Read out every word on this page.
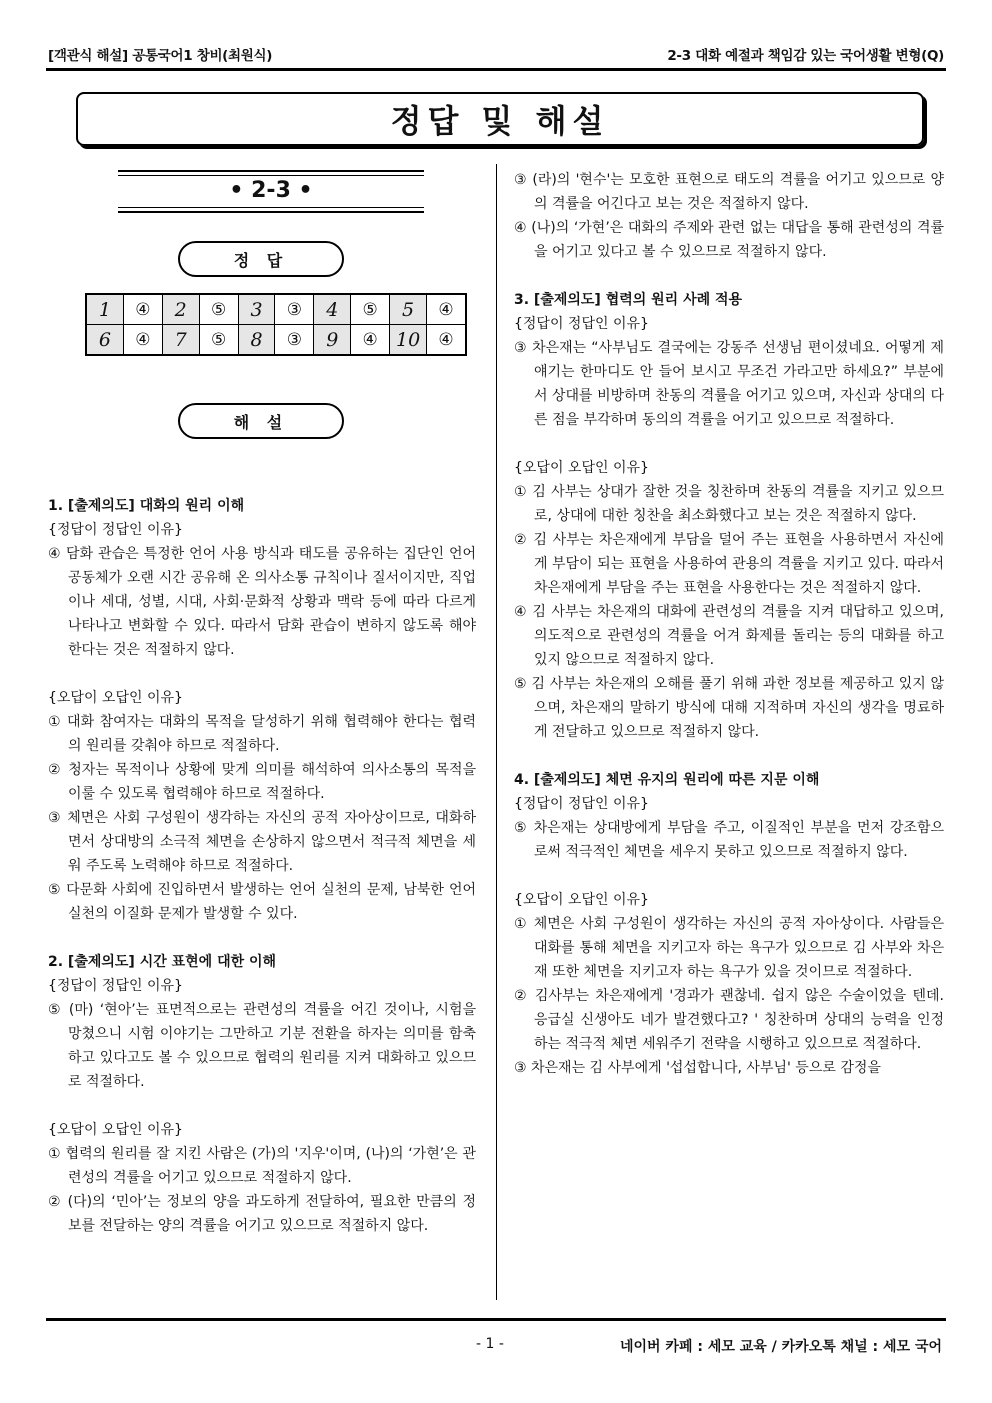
[객관식 해설] 공통국어1 창비(최원식)	2-3 대화 예절과 책임감 있는 국어생활 변형(Q)
정답 및 해설
• 2-3 •
정 답
1	④	2	⑤	3	③	4	⑤	5	④
6	④	7	⑤	8	③	9	④	10	④
해 설
1. [출제의도] 대화의 원리 이해
{정답이 정답인 이유}
④ 담화 관습은 특정한 언어 사용 방식과 태도를 공유하는 집단인 언어 공동체가 오랜 시간 공유해 온 의사소통 규칙이나 질서이지만, 직업이나 세대, 성별, 시대, 사회·문화적 상황과 맥락 등에 따라 다르게 나타나고 변화할 수 있다. 따라서 담화 관습이 변하지 않도록 해야 한다는 것은 적절하지 않다.
{오답이 오답인 이유}
① 대화 참여자는 대화의 목적을 달성하기 위해 협력해야 한다는 협력의 원리를 갖춰야 하므로 적절하다.
② 청자는 목적이나 상황에 맞게 의미를 해석하여 의사소통의 목적을 이룰 수 있도록 협력해야 하므로 적절하다.
③ 체면은 사회 구성원이 생각하는 자신의 공적 자아상이므로, 대화하면서 상대방의 소극적 체면을 손상하지 않으면서 적극적 체면을 세워 주도록 노력해야 하므로 적절하다.
⑤ 다문화 사회에 진입하면서 발생하는 언어 실천의 문제, 남북한 언어 실천의 이질화 문제가 발생할 수 있다.
2. [출제의도] 시간 표현에 대한 이해
{정답이 정답인 이유}
⑤ (마) ‘현아’는 표면적으로는 관련성의 격률을 어긴 것이나, 시험을 망쳤으니 시험 이야기는 그만하고 기분 전환을 하자는 의미를 함축하고 있다고도 볼 수 있으므로 협력의 원리를 지켜 대화하고 있으므로 적절하다.
{오답이 오답인 이유}
① 협력의 원리를 잘 지킨 사람은 (가)의 '지우'이며, (나)의 ‘가현’은 관련성의 격률을 어기고 있으므로 적절하지 않다.
② (다)의 ‘민아’는 정보의 양을 과도하게 전달하여, 필요한 만큼의 정보를 전달하는 양의 격률을 어기고 있으므로 적절하지 않다.
③ (라)의 '현수'는 모호한 표현으로 태도의 격률을 어기고 있으므로 양의 격률을 어긴다고 보는 것은 적절하지 않다.
④ (나)의 ‘가현’은 대화의 주제와 관련 없는 대답을 통해 관련성의 격률을 어기고 있다고 볼 수 있으므로 적절하지 않다.
3. [출제의도] 협력의 원리 사례 적용
{정답이 정답인 이유}
③ 차은재는 “사부님도 결국에는 강동주 선생님 편이셨네요. 어떻게 제 얘기는 한마디도 안 들어 보시고 무조건 가라고만 하세요?” 부분에서 상대를 비방하며 찬동의 격률을 어기고 있으며, 자신과 상대의 다른 점을 부각하며 동의의 격률을 어기고 있으므로 적절하다.
{오답이 오답인 이유}
① 김 사부는 상대가 잘한 것을 칭찬하며 찬동의 격률을 지키고 있으므로, 상대에 대한 칭찬을 최소화했다고 보는 것은 적절하지 않다.
② 김 사부는 차은재에게 부담을 덜어 주는 표현을 사용하면서 자신에게 부담이 되는 표현을 사용하여 관용의 격률을 지키고 있다. 따라서 차은재에게 부담을 주는 표현을 사용한다는 것은 적절하지 않다.
④ 김 사부는 차은재의 대화에 관련성의 격률을 지켜 대답하고 있으며, 의도적으로 관련성의 격률을 어겨 화제를 돌리는 등의 대화를 하고 있지 않으므로 적절하지 않다.
⑤ 김 사부는 차은재의 오해를 풀기 위해 과한 정보를 제공하고 있지 않으며, 차은재의 말하기 방식에 대해 지적하며 자신의 생각을 명료하게 전달하고 있으므로 적절하지 않다.
4. [출제의도] 체면 유지의 원리에 따른 지문 이해
{정답이 정답인 이유}
⑤ 차은재는 상대방에게 부담을 주고, 이질적인 부분을 먼저 강조함으로써 적극적인 체면을 세우지 못하고 있으므로 적절하지 않다.
{오답이 오답인 이유}
① 체면은 사회 구성원이 생각하는 자신의 공적 자아상이다. 사람들은 대화를 통해 체면을 지키고자 하는 욕구가 있으므로 김 사부와 차은재 또한 체면을 지키고자 하는 욕구가 있을 것이므로 적절하다.
② 김사부는 차은재에게 '경과가 괜찮네. 쉽지 않은 수술이었을 텐데. 응급실 신생아도 네가 발견했다고? ' 칭찬하며 상대의 능력을 인정하는 적극적 체면 세워주기 전략을 시행하고 있으므로 적절하다.
③ 차은재는 김 사부에게 '섭섭합니다, 사부님' 등으로 감정을
- 1 -	네이버 카페 : 세모 교육 / 카카오톡 채널 : 세모 국어
